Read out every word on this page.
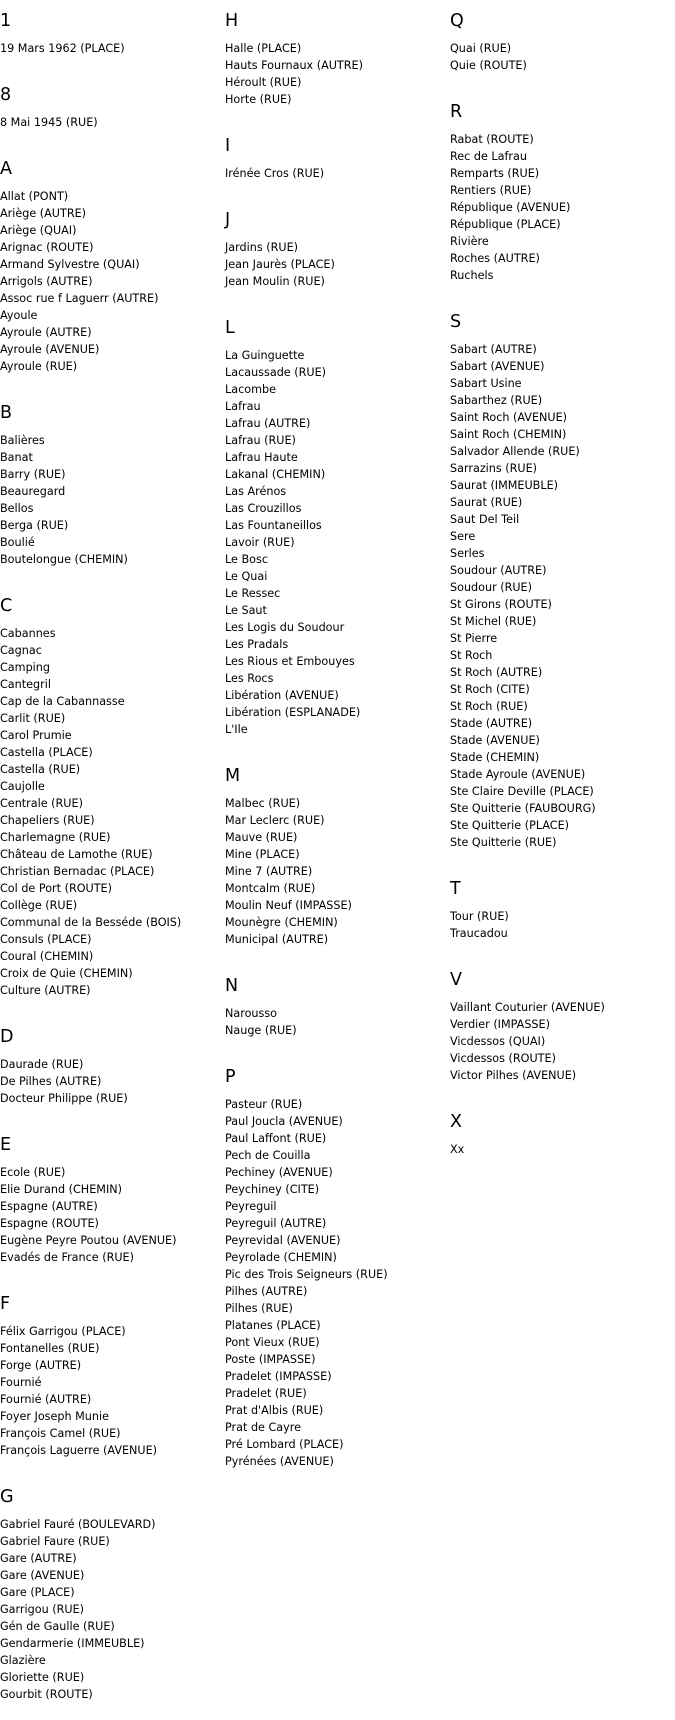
1
19 Mars 1962 (PLACE)
8
8 Mai 1945 (RUE)
A
Allat (PONT)
Ariège (AUTRE)
Ariège (QUAI)
Arignac (ROUTE)
Armand Sylvestre (QUAI)
Arrigols (AUTRE)
Assoc rue f Laguerr (AUTRE)
Ayoule
Ayroule (AUTRE)
Ayroule (AVENUE)
Ayroule (RUE)
B
Balières
Banat
Barry (RUE)
Beauregard
Bellos
Berga (RUE)
Boulié
Boutelongue (CHEMIN)
C
Cabannes
Cagnac
Camping
Cantegril
Cap de la Cabannasse
Carlit (RUE)
Carol Prumie
Castella (PLACE)
Castella (RUE)
Caujolle
Centrale (RUE)
Chapeliers (RUE)
Charlemagne (RUE)
Château de Lamothe (RUE)
Christian Bernadac (PLACE)
Col de Port (ROUTE)
Collège (RUE)
Communal de la Besséde (BOIS)
Consuls (PLACE)
Coural (CHEMIN)
Croix de Quie (CHEMIN)
Culture (AUTRE)
D
Daurade (RUE)
De Pilhes (AUTRE)
Docteur Philippe (RUE)
E
Ecole (RUE)
Elie Durand (CHEMIN)
Espagne (AUTRE)
Espagne (ROUTE)
Eugène Peyre Poutou (AVENUE)
Evadés de France (RUE)
F
Félix Garrigou (PLACE)
Fontanelles (RUE)
Forge (AUTRE)
Fournié
Fournié (AUTRE)
Foyer Joseph Munie
François Camel (RUE)
François Laguerre (AVENUE)
G
Gabriel Fauré (BOULEVARD)
Gabriel Faure (RUE)
Gare (AUTRE)
Gare (AVENUE)
Gare (PLACE)
Garrigou (RUE)
Gén de Gaulle (RUE)
Gendarmerie (IMMEUBLE)
Glazière
Gloriette (RUE)
Gourbit (ROUTE)
H
Halle (PLACE)
Hauts Fournaux (AUTRE)
Héroult (RUE)
Horte (RUE)
I
Irénée Cros (RUE)
J
Jardins (RUE)
Jean Jaurès (PLACE)
Jean Moulin (RUE)
L
La Guinguette
Lacaussade (RUE)
Lacombe
Lafrau
Lafrau (AUTRE)
Lafrau (RUE)
Lafrau Haute
Lakanal (CHEMIN)
Las Arénos
Las Crouzillos
Las Fountaneillos
Lavoir (RUE)
Le Bosc
Le Quai
Le Ressec
Le Saut
Les Logis du Soudour
Les Pradals
Les Rious et Embouyes
Les Rocs
Libération (AVENUE)
Libération (ESPLANADE)
L'Ile
M
Malbec (RUE)
Mar Leclerc (RUE)
Mauve (RUE)
Mine (PLACE)
Mine 7 (AUTRE)
Montcalm (RUE)
Moulin Neuf (IMPASSE)
Mounègre (CHEMIN)
Municipal (AUTRE)
N
Narousso
Nauge (RUE)
P
Pasteur (RUE)
Paul Joucla (AVENUE)
Paul Laffont (RUE)
Pech de Couilla
Pechiney (AVENUE)
Peychiney (CITE)
Peyreguil
Peyreguil (AUTRE)
Peyrevidal (AVENUE)
Peyrolade (CHEMIN)
Pic des Trois Seigneurs (RUE)
Pilhes (AUTRE)
Pilhes (RUE)
Platanes (PLACE)
Pont Vieux (RUE)
Poste (IMPASSE)
Pradelet (IMPASSE)
Pradelet (RUE)
Prat d'Albis (RUE)
Prat de Cayre
Pré Lombard (PLACE)
Pyrénées (AVENUE)
Q
Quai (RUE)
Quie (ROUTE)
R
Rabat (ROUTE)
Rec de Lafrau
Remparts (RUE)
Rentiers (RUE)
République (AVENUE)
République (PLACE)
Rivière
Roches (AUTRE)
Ruchels
S
Sabart (AUTRE)
Sabart (AVENUE)
Sabart Usine
Sabarthez (RUE)
Saint Roch (AVENUE)
Saint Roch (CHEMIN)
Salvador Allende (RUE)
Sarrazins (RUE)
Saurat (IMMEUBLE)
Saurat (RUE)
Saut Del Teil
Sere
Serles
Soudour (AUTRE)
Soudour (RUE)
St Girons (ROUTE)
St Michel (RUE)
St Pierre
St Roch
St Roch (AUTRE)
St Roch (CITE)
St Roch (RUE)
Stade (AUTRE)
Stade (AVENUE)
Stade (CHEMIN)
Stade Ayroule (AVENUE)
Ste Claire Deville (PLACE)
Ste Quitterie (FAUBOURG)
Ste Quitterie (PLACE)
Ste Quitterie (RUE)
T
Tour (RUE)
Traucadou
V
Vaillant Couturier (AVENUE)
Verdier (IMPASSE)
Vicdessos (QUAI)
Vicdessos (ROUTE)
Victor Pilhes (AVENUE)
X
Xx
